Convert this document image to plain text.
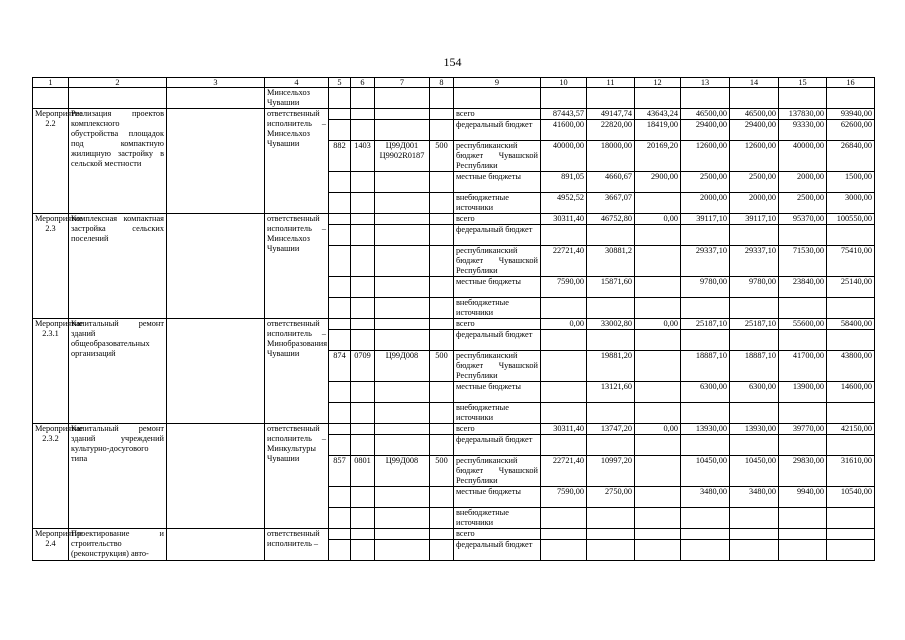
154
1	2	3	4	5	6	7	8	9	10	11	12	13	14	15	16
			Минсельхоз Чувашии												
Мероприятие 2.2	Реализация проектов комплексного обустройства площадок под компактную жилищную застройку в сельской местности		ответственный исполнитель – Минсельхоз Чувашии					всего	87443,57	49147,74	43643,24	46500,00	46500,00	137830,00	93940,00
								федеральный бюджет	41600,00	22820,00	18419,00	29400,00	29400,00	93330,00	62600,00
				882	1403	Ц99Д001 Ц9902R0187	500	республиканский бюджет Чувашской Республики	40000,00	18000,00	20169,20	12600,00	12600,00	40000,00	26840,00
								местные бюджеты	891,05	4660,67	2900,00	2500,00	2500,00	2000,00	1500,00
								внебюджетные источники	4952,52	3667,07		2000,00	2000,00	2500,00	3000,00
Мероприятие 2.3	Комплексная компактная застройка сельских поселений		ответственный исполнитель – Минсельхоз Чувашии					всего	30311,40	46752,80	0,00	39117,10	39117,10	95370,00	100550,00
								федеральный бюджет							
								республиканский бюджет Чувашской Республики	22721,40	30881,2		29337,10	29337,10	71530,00	75410,00
								местные бюджеты	7590,00	15871,60		9780,00	9780,00	23840,00	25140,00
								внебюджетные источники							
Мероприятие 2.3.1	Капитальный ремонт зданий общеобразовательных организаций		ответственный исполнитель – Минобразования Чувашии					всего	0,00	33002,80	0,00	25187,10	25187,10	55600,00	58400,00
								федеральный бюджет							
				874	0709	Ц99Д008	500	республиканский бюджет Чувашской Республики		19881,20		18887,10	18887,10	41700,00	43800,00
								местные бюджеты		13121,60		6300,00	6300,00	13900,00	14600,00
								внебюджетные источники							
Мероприятие 2.3.2	Капитальный ремонт зданий учреждений культурно-досугового типа		ответственный исполнитель – Минкультуры Чувашии					всего	30311,40	13747,20	0,00	13930,00	13930,00	39770,00	42150,00
								федеральный бюджет							
				857	0801	Ц99Д008	500	республиканский бюджет Чувашской Республики	22721,40	10997,20		10450,00	10450,00	29830,00	31610,00
								местные бюджеты	7590,00	2750,00		3480,00	3480,00	9940,00	10540,00
								внебюджетные источники							
Мероприятие 2.4	Проектирование и строительство (реконструкция) авто-		ответственный исполнитель –					всего							
								федеральный бюджет							
